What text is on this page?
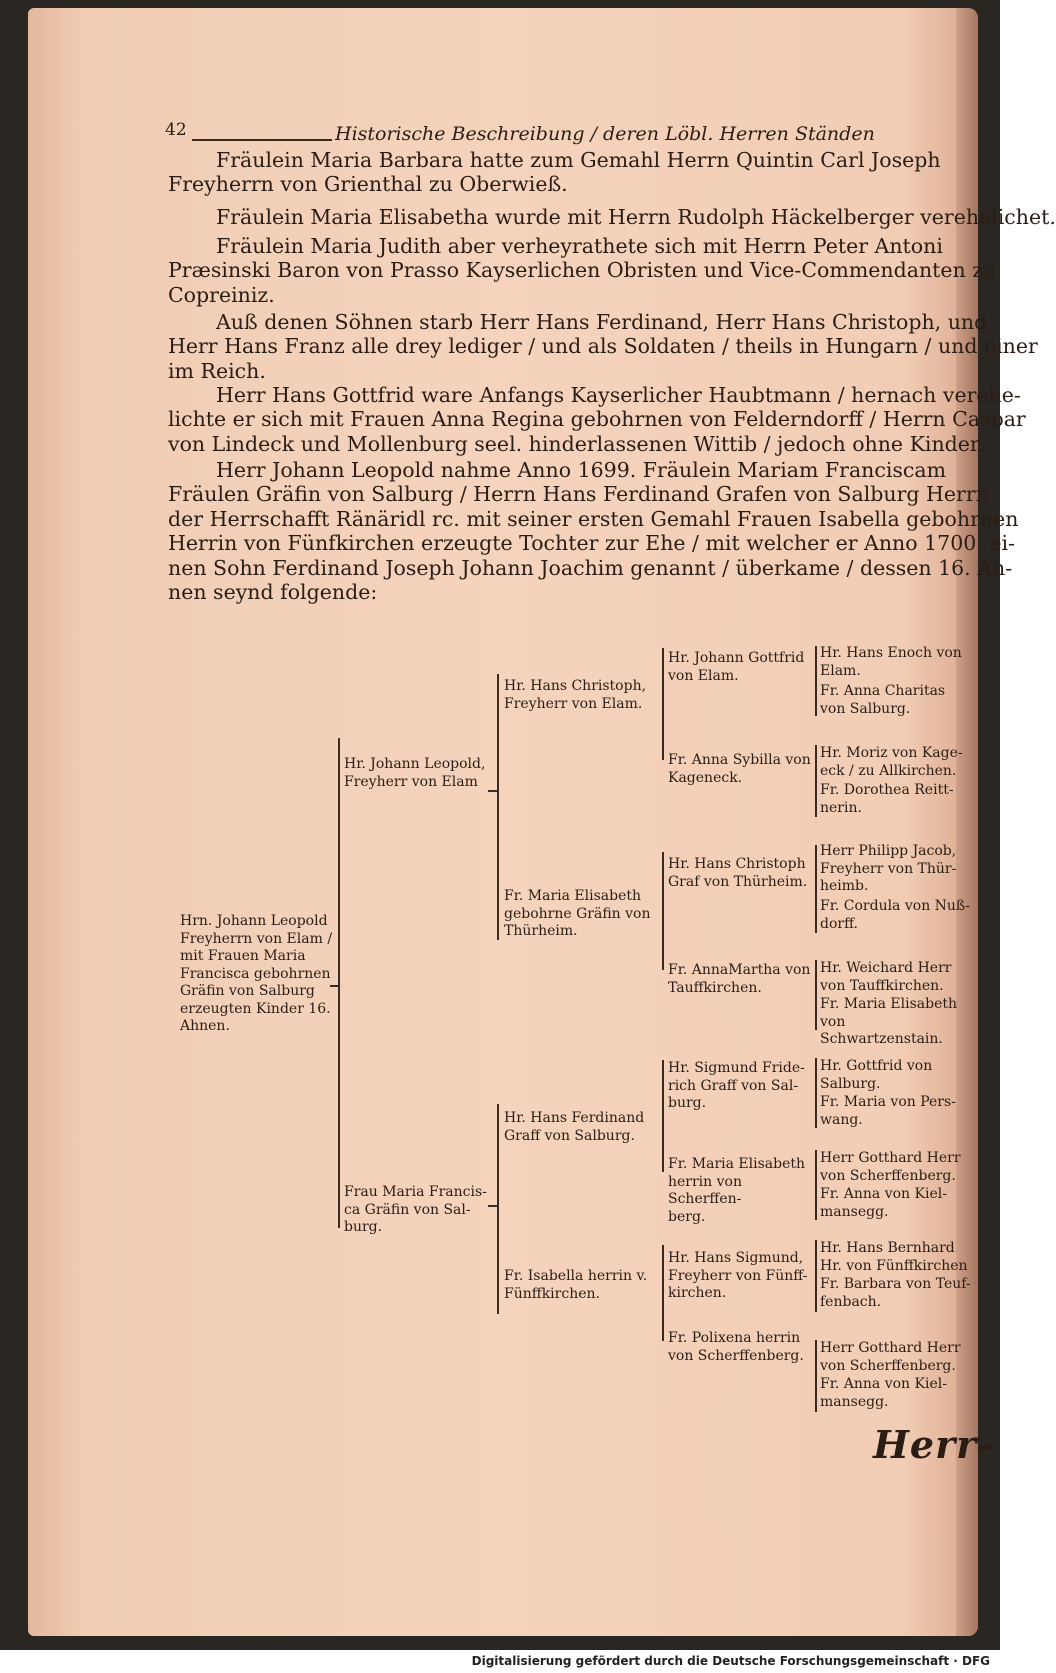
42	Historische Beschreibung / deren Löbl. Herren Ständen
Fräulein Maria Barbara hatte zum Gemahl Herrn Quintin Carl Joseph
Freyherrn von Grienthal zu Oberwieß.
Fräulein Maria Elisabetha wurde mit Herrn Rudolph Häckelberger verehelichet.
Fräulein Maria Judith aber verheyrathete sich mit Herrn Peter Antoni
Præsinski Baron von Prasso Kayserlichen Obristen und Vice-Commendanten zu
Copreiniz.
Auß denen Söhnen starb Herr Hans Ferdinand, Herr Hans Christoph, und
Herr Hans Franz alle drey lediger / und als Soldaten / theils in Hungarn / und einer
im Reich.
Herr Hans Gottfrid ware Anfangs Kayserlicher Haubtmann / hernach verehe-
lichte er sich mit Frauen Anna Regina gebohrnen von Felderndorff / Herrn Caspar
von Lindeck und Mollenburg seel. hinderlassenen Wittib / jedoch ohne Kinder.
Herr Johann Leopold nahme Anno 1699. Fräulein Mariam Franciscam
Fräulen Gräfin von Salburg / Herrn Hans Ferdinand Grafen von Salburg Herrn
der Herrschafft Ränäridl rc. mit seiner ersten Gemahl Frauen Isabella gebohrnen
Herrin von Fünfkirchen erzeugte Tochter zur Ehe / mit welcher er Anno 1700. ei-
nen Sohn Ferdinand Joseph Johann Joachim genannt / überkame / dessen 16. Ah-
nen seynd folgende:
Hrn. Johann Leopold
Freyherrn von Elam /
mit Frauen Maria
Francisca gebohrnen
Gräfin von Salburg
erzeugten Kinder 16.
Ahnen.
Hr. Johann Leopold,
Freyherr von Elam
Frau Maria Francis-
ca Gräfin von Sal-
burg.
Hr. Hans Christoph,
Freyherr von Elam.
Fr. Maria Elisabeth
gebohrne Gräfin von
Thürheim.
Hr. Hans Ferdinand
Graff von Salburg.
Fr. Isabella herrin v.
Fünffkirchen.
Hr. Johann Gottfrid
von Elam.
Fr. Anna Sybilla von
Kageneck.
Hr. Hans Christoph
Graf von Thürheim.
Fr. AnnaMartha von
Tauffkirchen.
Hr. Sigmund Fride-
rich Graff von Sal-
burg.
Fr. Maria Elisabeth
herrin von Scherffen-
berg.
Hr. Hans Sigmund,
Freyherr von Fünff-
kirchen.
Fr. Polixena herrin
von Scherffenberg.
Hr. Hans Enoch von
Elam.
Fr. Anna Charitas
von Salburg.
Hr. Moriz von Kage-
eck / zu Allkirchen.
Fr. Dorothea Reitt-
nerin.
Herr Philipp Jacob,
Freyherr von Thür-
heimb.
Fr. Cordula von Nuß-
dorff.
Hr. Weichard Herr
von Tauffkirchen.
Fr. Maria Elisabeth
von Schwartzenstain.
Hr. Gottfrid von
Salburg.
Fr. Maria von Pers-
wang.
Herr Gotthard Herr
von Scherffenberg.
Fr. Anna von Kiel-
mansegg.
Hr. Hans Bernhard
Hr. von Fünffkirchen
Fr. Barbara von Teuf-
fenbach.
Herr Gotthard Herr
von Scherffenberg.
Fr. Anna von Kiel-
mansegg.
Herr-
Digitalisierung gefördert durch die Deutsche Forschungsgemeinschaft · DFG
